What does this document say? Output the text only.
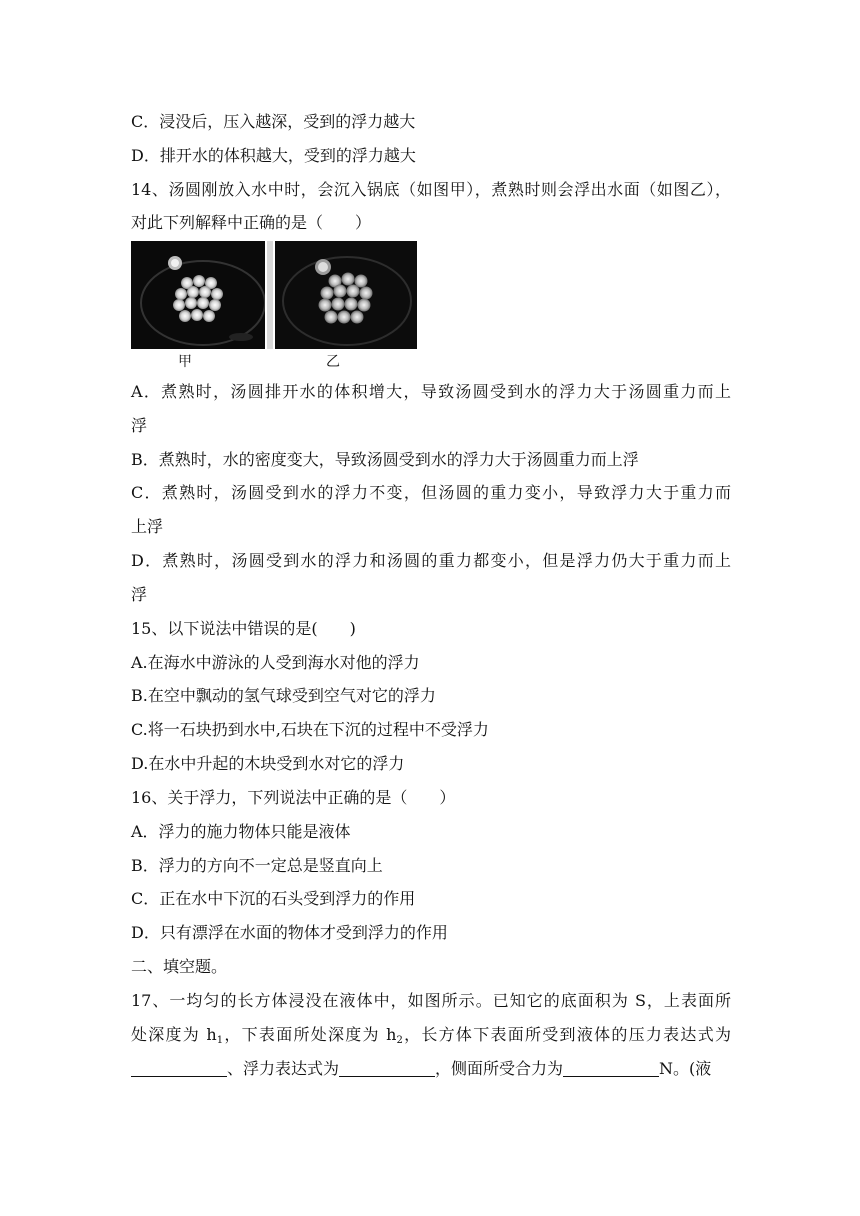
C．浸没后，压入越深，受到的浮力越大
D．排开水的体积越大，受到的浮力越大
14、汤圆刚放入水中时，会沉入锅底（如图甲），煮熟时则会浮出水面（如图乙），
对此下列解释中正确的是（　　）
甲	乙
A．煮熟时，汤圆排开水的体积增大，导致汤圆受到水的浮力大于汤圆重力而上
浮
B．煮熟时，水的密度变大，导致汤圆受到水的浮力大于汤圆重力而上浮
C．煮熟时，汤圆受到水的浮力不变，但汤圆的重力变小，导致浮力大于重力而
上浮
D．煮熟时，汤圆受到水的浮力和汤圆的重力都变小，但是浮力仍大于重力而上
浮
15、以下说法中错误的是(　　)
A.在海水中游泳的人受到海水对他的浮力
B.在空中飘动的氢气球受到空气对它的浮力
C.将一石块扔到水中,石块在下沉的过程中不受浮力
D.在水中升起的木块受到水对它的浮力
16、关于浮力，下列说法中正确的是（　　）
A．浮力的施力物体只能是液体
B．浮力的方向不一定总是竖直向上
C．正在水中下沉的石头受到浮力的作用
D．只有漂浮在水面的物体才受到浮力的作用
二、填空题。
17、一均匀的长方体浸没在液体中，如图所示。已知它的底面积为 S，上表面所
处深度为 $h_1$，下表面所处深度为 $h_2$，长方体下表面所受到液体的压力表达式为
、浮力表达式为	，侧面所受合力为	N。(液
